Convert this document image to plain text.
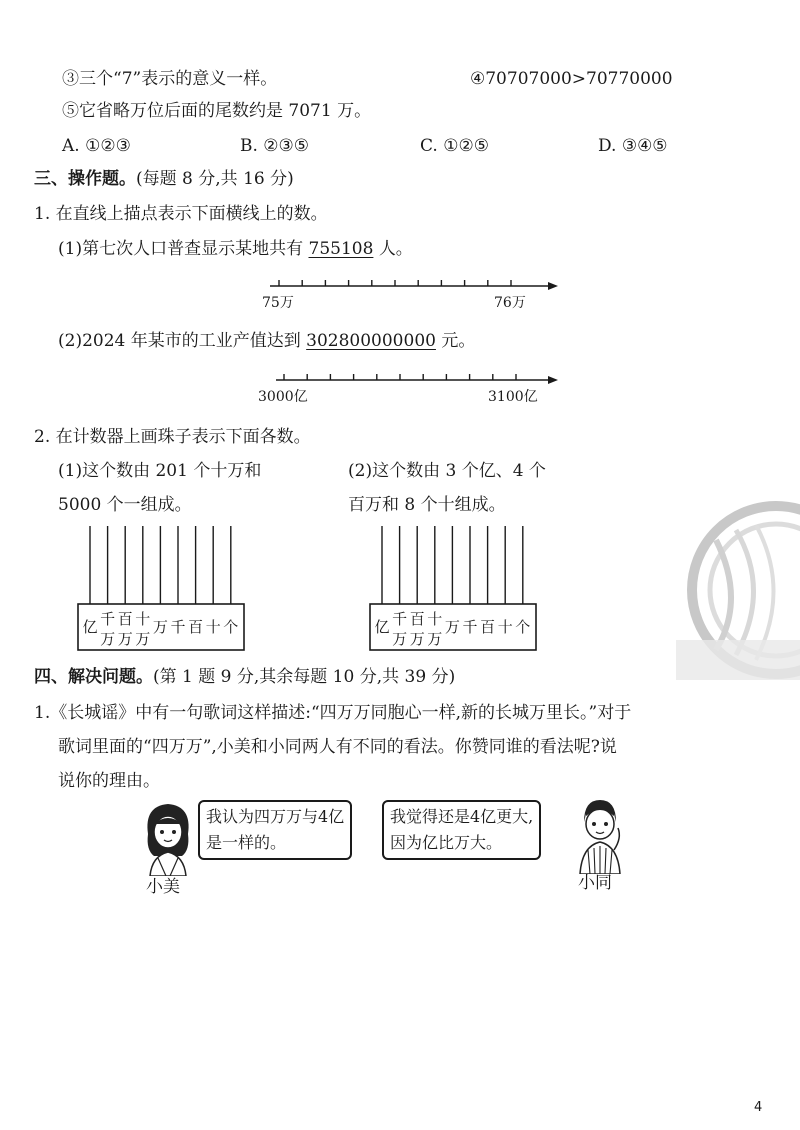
③三个“7”表示的意义一样。	④70707000>70770000
⑤它省略万位后面的尾数约是 7071 万。
A. ①②③	B. ②③⑤	C. ①②⑤	D. ③④⑤
三、操作题。(每题 8 分,共 16 分)
1. 在直线上描点表示下面横线上的数。
(1)第七次人口普查显示某地共有 755108 人。
75万	76万
(2)2024 年某市的工业产值达到 302800000000 元。
3000亿	3100亿
2. 在计数器上画珠子表示下面各数。
(1)这个数由 201 个十万和
5000 个一组成。
(2)这个数由 3 个亿、4 个
百万和 8 个十组成。
亿 千
万
百
万
十
万
万 千 百 十 个	亿 千
万
百
万
十
万
万 千 百 十 个
四、解决问题。(第 1 题 9 分,其余每题 10 分,共 39 分)
1.《长城谣》中有一句歌词这样描述:“四万万同胞心一样,新的长城万里长。”对于
歌词里面的“四万万”,小美和小同两人有不同的看法。你赞同谁的看法呢?说
说你的理由。
小美
我认为四万万与4亿
是一样的。
我觉得还是4亿更大,
因为亿比万大。
小同
4
